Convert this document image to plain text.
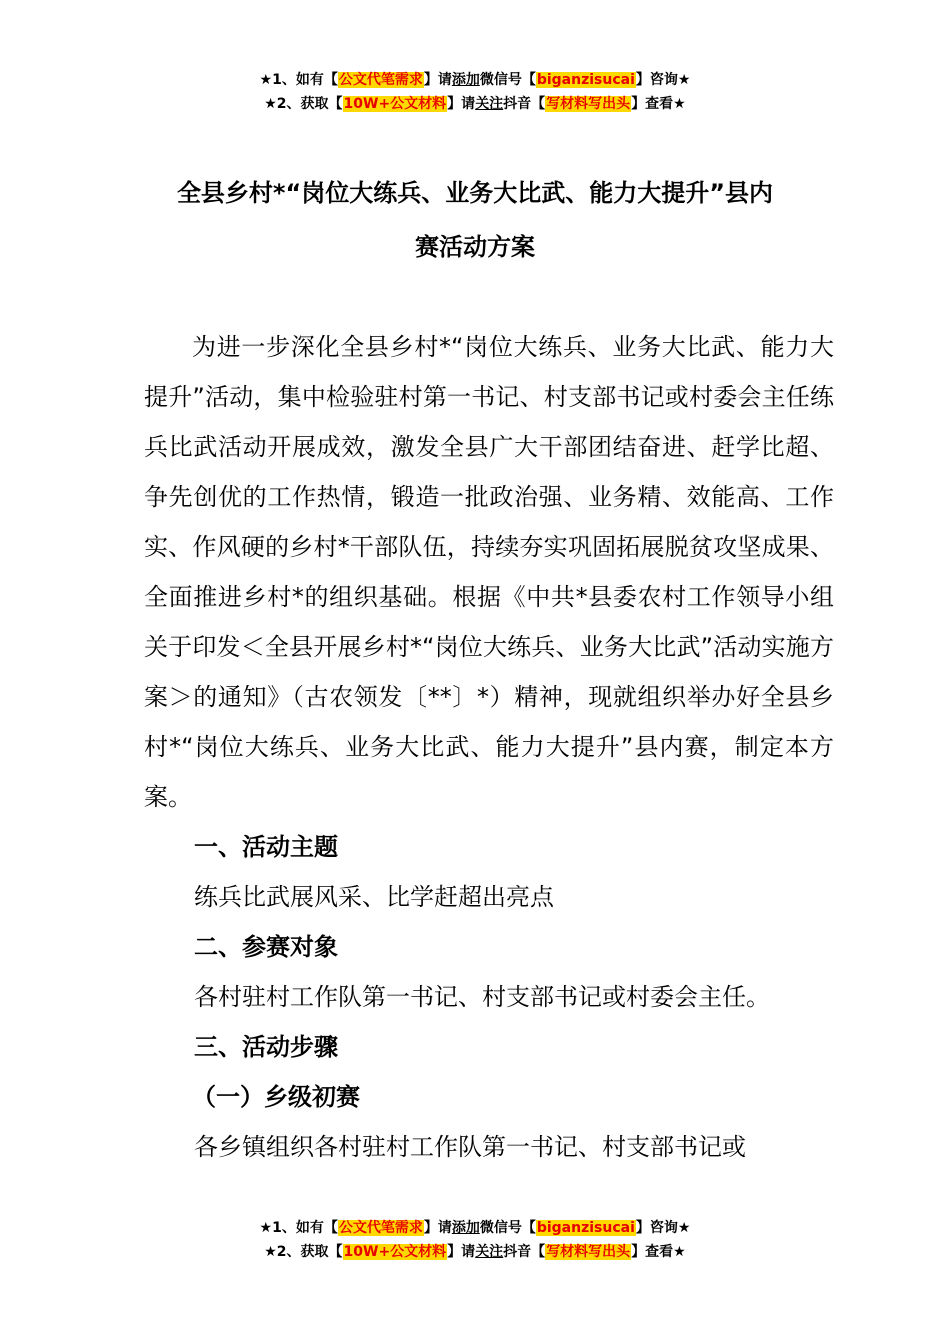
★1、如有【公文代笔需求】请添加微信号【biganzisucai】咨询★
★2、获取【10W+公文材料】请关注抖音【写材料写出头】查看★
全县乡村*“岗位大练兵、业务大比武、能力大提升”县内
赛活动方案

为进一步深化全县乡村*“岗位大练兵、业务大比武、能力大提升”活动，集中检验驻村第一书记、村支部书记或村委会主任练兵比武活动开展成效，激发全县广大干部团结奋进、赶学比超、争先创优的工作热情，锻造一批政治强、业务精、效能高、工作实、作风硬的乡村*干部队伍，持续夯实巩固拓展脱贫攻坚成果、全面推进乡村*的组织基础。根据《中共*县委农村工作领导小组关于印发＜全县开展乡村*“岗位大练兵、业务大比武”活动实施方案＞的通知》（古农领发〔**〕*）精神，现就组织举办好全县乡村*“岗位大练兵、业务大比武、能力大提升”县内赛，制定本方案。

一、活动主题

练兵比武展风采、比学赶超出亮点

二、参赛对象

各村驻村工作队第一书记、村支部书记或村委会主任。

三、活动步骤

（一）乡级初赛

各乡镇组织各村驻村工作队第一书记、村支部书记或

★1、如有【公文代笔需求】请添加微信号【biganzisucai】咨询★
★2、获取【10W+公文材料】请关注抖音【写材料写出头】查看★
